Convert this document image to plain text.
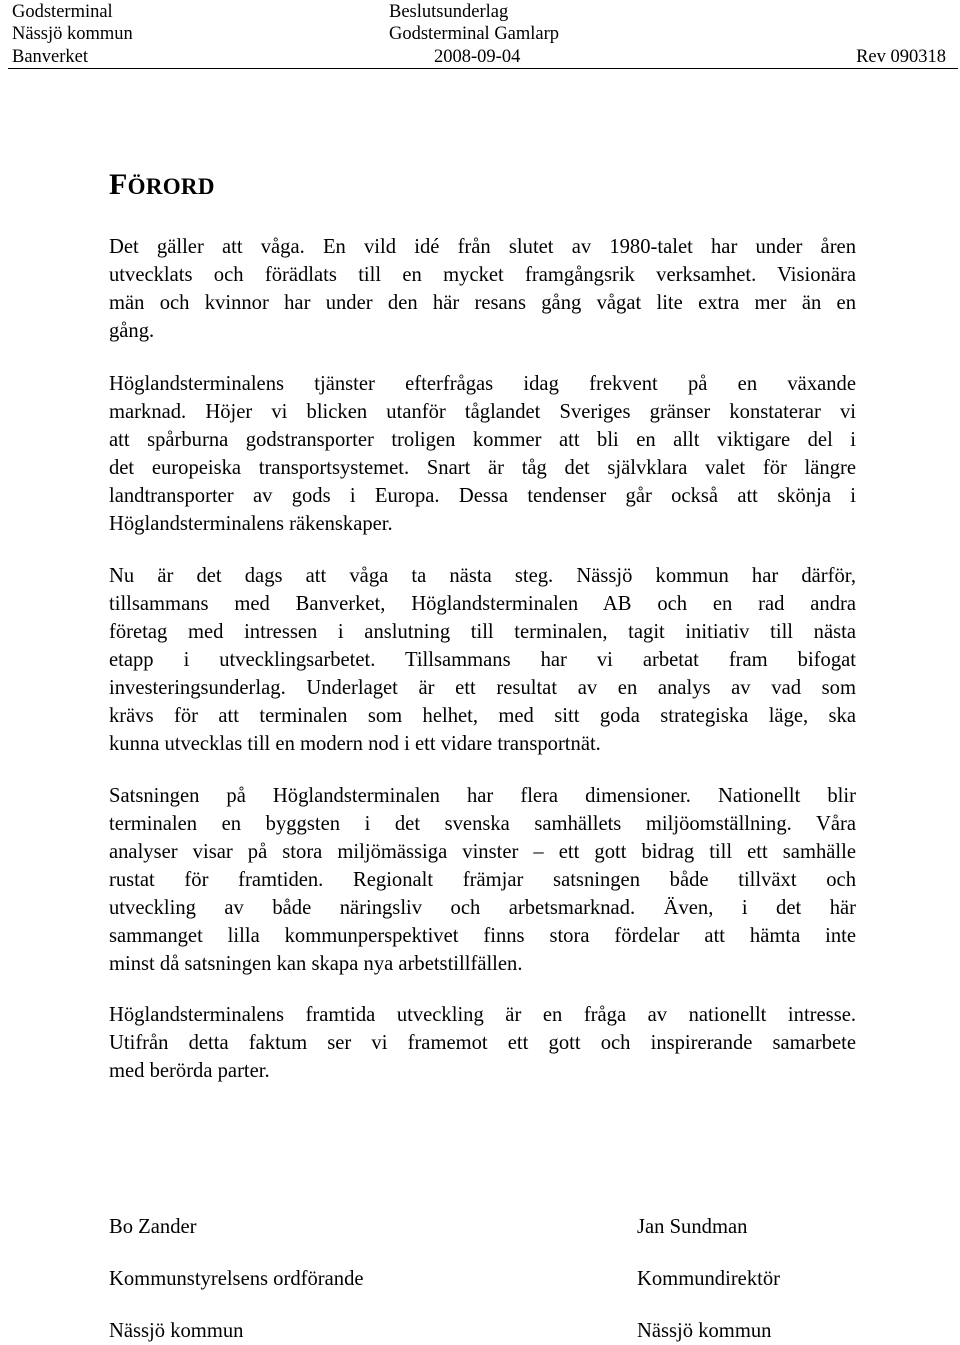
Godsterminal
Nässjö kommun
Banverket
Beslutsunderlag
Godsterminal Gamlarp
2008-09-04	Rev 090318
FÖRORD
Det gäller att våga. En vild idé från slutet av 1980-talet har under åren
utvecklats och förädlats till en mycket framgångsrik verksamhet. Visionära
män och kvinnor har under den här resans gång vågat lite extra mer än en
gång.
Höglandsterminalens tjänster efterfrågas idag frekvent på en växande
marknad. Höjer vi blicken utanför tåglandet Sveriges gränser konstaterar vi
att spårburna godstransporter troligen kommer att bli en allt viktigare del i
det europeiska transportsystemet. Snart är tåg det självklara valet för längre
landtransporter av gods i Europa. Dessa tendenser går också att skönja i
Höglandsterminalens räkenskaper.
Nu är det dags att våga ta nästa steg. Nässjö kommun har därför,
tillsammans med Banverket, Höglandsterminalen AB och en rad andra
företag med intressen i anslutning till terminalen, tagit initiativ till nästa
etapp i utvecklingsarbetet. Tillsammans har vi arbetat fram bifogat
investeringsunderlag. Underlaget är ett resultat av en analys av vad som
krävs för att terminalen som helhet, med sitt goda strategiska läge, ska
kunna utvecklas till en modern nod i ett vidare transportnät.
Satsningen på Höglandsterminalen har flera dimensioner. Nationellt blir
terminalen en byggsten i det svenska samhällets miljöomställning. Våra
analyser visar på stora miljömässiga vinster – ett gott bidrag till ett samhälle
rustat för framtiden. Regionalt främjar satsningen både tillväxt och
utveckling av både näringsliv och arbetsmarknad. Även, i det här
sammanget lilla kommunperspektivet finns stora fördelar att hämta inte
minst då satsningen kan skapa nya arbetstillfällen.
Höglandsterminalens framtida utveckling är en fråga av nationellt intresse.
Utifrån detta faktum ser vi framemot ett gott och inspirerande samarbete
med berörda parter.
Bo Zander
Kommunstyrelsens ordförande
Nässjö kommun
Jan Sundman
Kommundirektör
Nässjö kommun
